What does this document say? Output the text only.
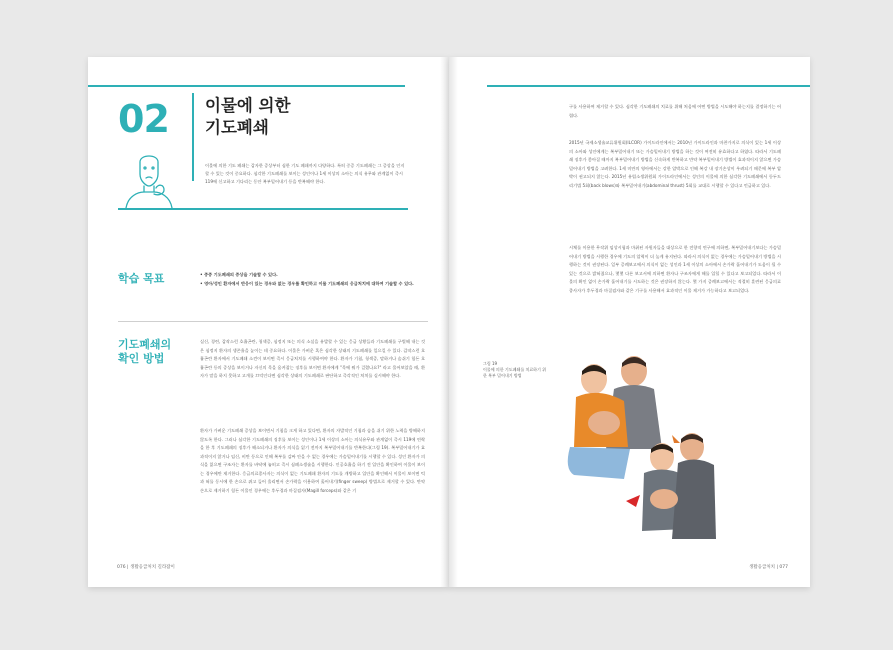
02 이물에 의한
기도폐쇄
이물에 의한 기도 폐쇄는 갑자한 증상부터 심한 기도 폐쇄까지 다양하다. 특히 중증 기도폐쇄는 그 증상을 인지할 수 있는 것이 중요하다. 심각한 기도폐쇄를 보이는 성인이나 1세 이상의 소아는 의식 유무와 관계없이 즉시 119에 신고하고 기다리는 동안 복부밀어내기 등을 반복해야 한다.
학습 목표	• 중증 기도폐쇄의 증상을 기술할 수 있다.
• 영아/성인 환자에서 반응이 있는 경우와 없는 경우를 확인하고 이물 기도폐쇄의 응급처치에 대하여 기술할 수 있다.
기도폐쇄의
확인 방법
실신, 경련, 갑작스런 호흡곤란, 청색증, 심정지 또는 의식 소실을 유발할 수 있는 응급 상황들과 기도폐쇄를 구별해 내는 것은 심정지 환자의 생존율을 높이는 데 중요하다. 이물은 가벼운 혹은 심각한 상태의 기도폐쇄를 일으킬 수 있다. 갑작스런 호흡곤란 환자에서 기도폐쇄 소견이 보이면 즉시 응급처치를 시행하여야 한다. 환자가 기침, 청색증, 말하거나 숨쉬기 힘든 호흡곤란 등의 증상을 보이거나 자신의 목을 움켜잡는 징후를 보이면 환자에게 "목에 뭐가 걸렸나요?" 라고 물어보았을 때, 환자가 말을 하지 못하고 고개를 끄덕인다면 심각한 상태의 기도폐쇄로 판단하고 즉각적인 처치를 실시해야 한다.
환자가 가벼운 기도폐쇄 증상을 보이면서 기침을 크게 하고 있다면, 환자의 자발적인 기침과 숨을 쉬기 위한 노력을 방해하지 않도록 한다. 그러나 심각한 기도폐쇄의 징후를 보이는 성인이나 1세 이상의 소아는 의식유무와 관계없이 즉시 119에 연락을 한 후 기도폐쇄의 징후가 해소되거나 환자가 의식을 잃기 전까지 복부밀어내기를 반복한다(그림 19). 복부밀어내기가 효과적이지 않거나 임신, 비만 등으로 인해 복부를 감싸 안을 수 없는 경우에는 가슴밀어내기를 시행할 수 있다. 성인 환자가 의식을 잃으면 구조자는 환자를 바닥에 눕히고 즉시 심폐소생술을 시행한다. 인공호흡을 하기 전 입안을 확인하여 이물이 보이는 경우에만 제거한다. 응급의료종사자는 의식이 없는 기도폐쇄 환자의 기도를 개방하고 입안을 확인해서 이물이 보이면 턱과 혀를 동시에 한 손으로 쥐고 들어 올리면서 손가락을 이용하여 훑어내기(finger sweep) 방법으로 제거할 수 있다. 만약 손으로 제거하기 힘든 이물인 경우에는 후두경과 마질겸자(Magill forceps)와 같은 기
076 | 생활응급처치 길라잡이
구를 사용하여 제거할 수 있다. 심각한 기도폐쇄의 치료를 위해 처음에 어떤 방법을 시도해야 하는지를 결정하기는 어렵다.
2015년 국제소생술교류위원회(ILCOR) 가이드라인에서는 2010년 가이드라인과 마찬가지로 의식이 있는 1세 이상의 소아와 성인에게는 복부밀어내기 또는 가슴밀어내기 방법을 하는 것이 여전히 유효하다고 하였다. 따라서 기도폐쇄 징후가 좋아질 때까지 복부밀어내기 방법을 신속하게 반복하고 만약 복부밀어내기 방법이 효과적이지 않으면 가슴밀어내기 방법을 고려한다. 1세 미만의 영아에서는 강한 압박으로 인해 복강 내 장기손상이 우려되기 때문에 복부 압박이 권고되지 않는다. 2015년 유럽소생위원회 가이드라인에서는 성인의 이물에 의한 심각한 기도폐쇄에서 등두드리기법 5회(back blows)와 복부밀어내기(abdominal thrust) 5회를 교대로 시행할 수 있다고 언급하고 있다.
시체를 이용한 무작위 임상시험과 마취된 자원자들을 대상으로 한 전향적 연구에 의하면, 복부밀어내기보다는 가슴밀어내기 방법을 시행한 경우에 기도의 압력이 더 높게 유지된다. 따라서 의식이 없는 경우에는 가슴밀어내기 방법을 시행하는 것이 권장된다. 일부 증례보고에서 의식이 없는 성인과 1세 이상의 소아에서 손가락 훑어내기가 도움이 될 수 있는 것으로 밝혀졌으나, 몇몇 다른 보고서에 의하면 환자나 구조자에게 해를 입힐 수 있다고 보고되었다. 따라서 이물의 확인 없이 손가락 훑어내기를 시도하는 것은 권장하지 않는다. 몇 가지 증례보고에서는 적절히 훈련된 응급의료종사자가 후두경과 마질겸자와 같은 기구를 사용해서 효과적인 이물 제거가 가능하다고 보고되었다.
그림 19
이물에 의한 기도폐쇄를 치료하기 위한 복부 밀어내기 방법
생활응급처치 | 077
